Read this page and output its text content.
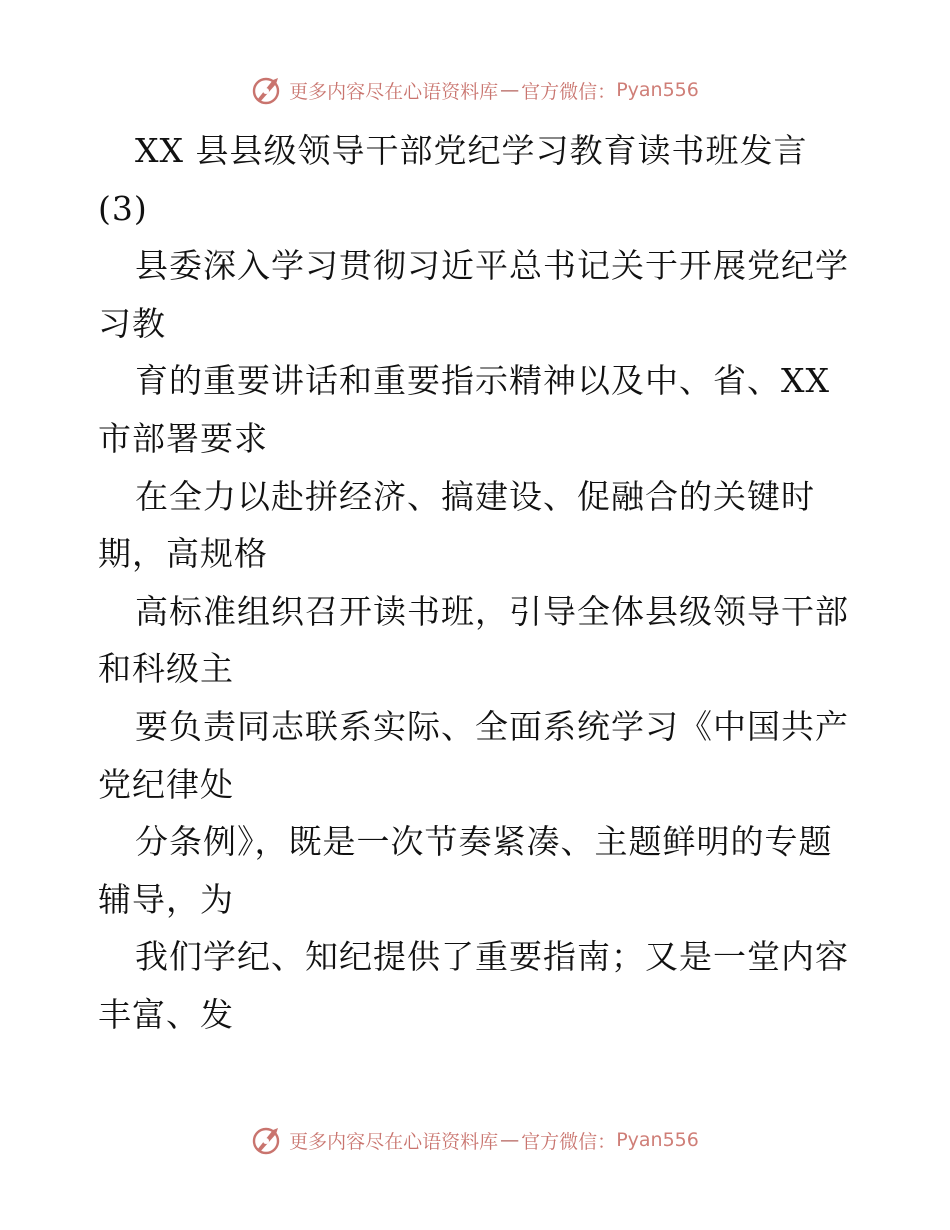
更多内容尽在心语资料库 — 官方微信： Pyan556
XX 县县级领导干部党纪学习教育读书班发言
(3)
县委深入学习贯彻习近平总书记关于开展党纪学
习教
育的重要讲话和重要指示精神以及中、省、XX
市部署要求
在全力以赴拼经济、搞建设、促融合的关键时
期，高规格
高标准组织召开读书班，引导全体县级领导干部
和科级主
要负责同志联系实际、全面系统学习《中国共产
党纪律处
分条例》，既是一次节奏紧凑、主题鲜明的专题
辅导，为
我们学纪、知纪提供了重要指南；又是一堂内容
丰富、发
更多内容尽在心语资料库 — 官方微信： Pyan556
